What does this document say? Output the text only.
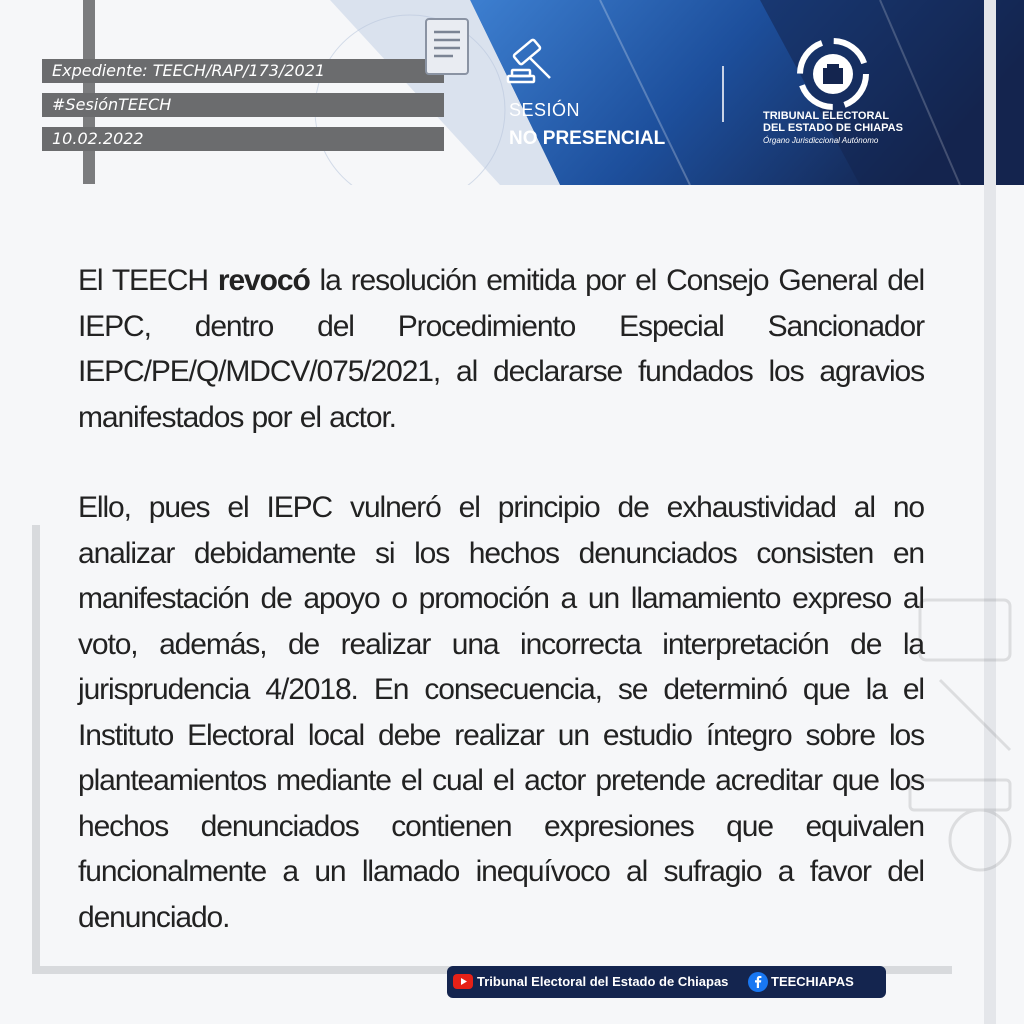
Expediente: TEECH/RAP/173/2021
#SesiónTEECH
10.02.2022
SESIÓN
NO PRESENCIAL
TRIBUNAL ELECTORAL
DEL ESTADO DE CHIAPAS
Órgano Jurisdiccional Autónomo

El TEECH revocó la resolución emitida por el Consejo General del IEPC, dentro del Procedimiento Especial Sancionador IEPC/PE/Q/MDCV/075/2021, al declararse fundados los agravios manifestados por el actor.

Ello, pues el IEPC vulneró el principio de exhaustividad al no analizar debidamente si los hechos denunciados consisten en manifestación de apoyo o promoción a un llamamiento expreso al voto, además, de realizar una incorrecta interpretación de la jurisprudencia 4/2018. En consecuencia, se determinó que la el Instituto Electoral local debe realizar un estudio íntegro sobre los planteamientos mediante el cual el actor pretende acreditar que los hechos denunciados contienen expresiones que equivalen funcionalmente a un llamado inequívoco al sufragio a favor del denunciado.

Tribunal Electoral del Estado de Chiapas	TEECHIAPAS
